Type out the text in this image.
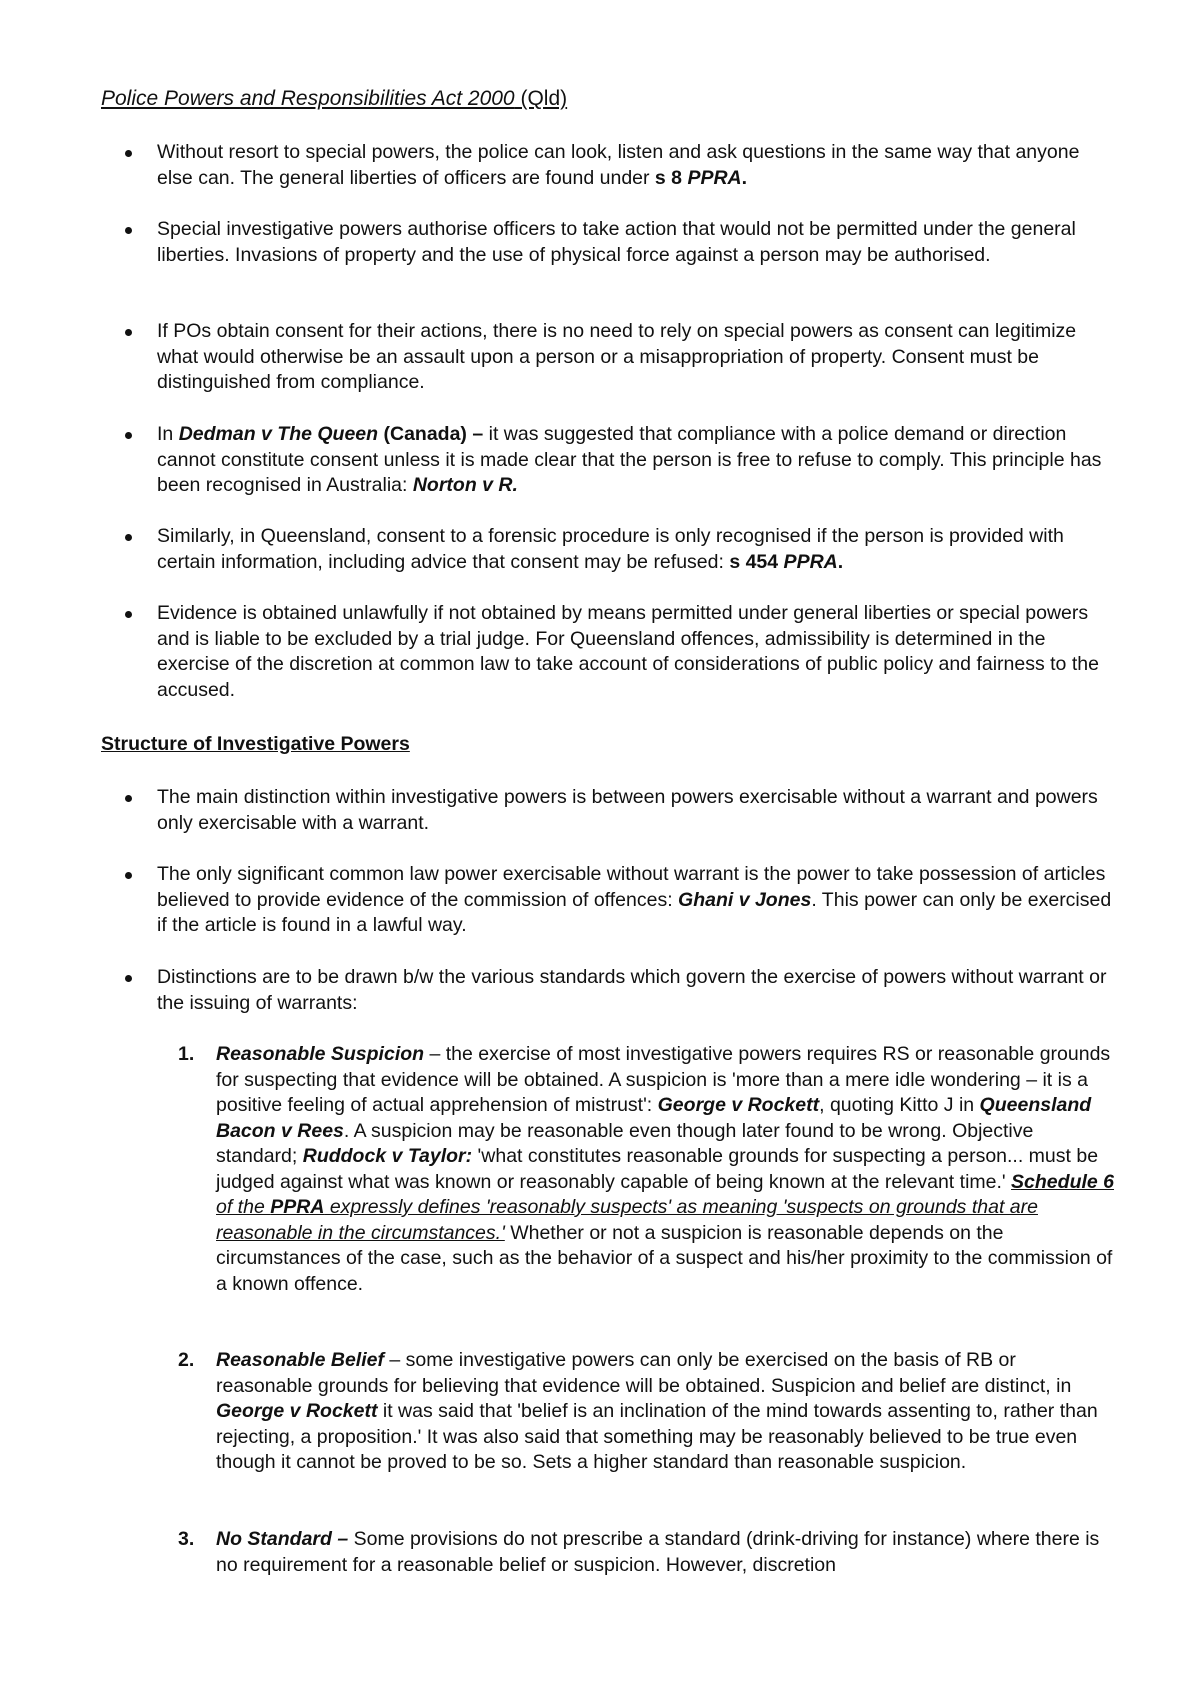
Police Powers and Responsibilities Act 2000 (Qld)
Without resort to special powers, the police can look, listen and ask questions in the same way that anyone else can. The general liberties of officers are found under s 8 PPRA.
Special investigative powers authorise officers to take action that would not be permitted under the general liberties. Invasions of property and the use of physical force against a person may be authorised.
If POs obtain consent for their actions, there is no need to rely on special powers as consent can legitimize what would otherwise be an assault upon a person or a misappropriation of property. Consent must be distinguished from compliance.
In Dedman v The Queen (Canada) – it was suggested that compliance with a police demand or direction cannot constitute consent unless it is made clear that the person is free to refuse to comply. This principle has been recognised in Australia: Norton v R.
Similarly, in Queensland, consent to a forensic procedure is only recognised if the person is provided with certain information, including advice that consent may be refused: s 454 PPRA.
Evidence is obtained unlawfully if not obtained by means permitted under general liberties or special powers and is liable to be excluded by a trial judge. For Queensland offences, admissibility is determined in the exercise of the discretion at common law to take account of considerations of public policy and fairness to the accused.
Structure of Investigative Powers
The main distinction within investigative powers is between powers exercisable without a warrant and powers only exercisable with a warrant.
The only significant common law power exercisable without warrant is the power to take possession of articles believed to provide evidence of the commission of offences: Ghani v Jones. This power can only be exercised if the article is found in a lawful way.
Distinctions are to be drawn b/w the various standards which govern the exercise of powers without warrant or the issuing of warrants:
1. Reasonable Suspicion – the exercise of most investigative powers requires RS or reasonable grounds for suspecting that evidence will be obtained. A suspicion is 'more than a mere idle wondering – it is a positive feeling of actual apprehension of mistrust': George v Rockett, quoting Kitto J in Queensland Bacon v Rees. A suspicion may be reasonable even though later found to be wrong. Objective standard; Ruddock v Taylor: 'what constitutes reasonable grounds for suspecting a person... must be judged against what was known or reasonably capable of being known at the relevant time.' Schedule 6 of the PPRA expressly defines 'reasonably suspects' as meaning 'suspects on grounds that are reasonable in the circumstances.' Whether or not a suspicion is reasonable depends on the circumstances of the case, such as the behavior of a suspect and his/her proximity to the commission of a known offence.
2. Reasonable Belief – some investigative powers can only be exercised on the basis of RB or reasonable grounds for believing that evidence will be obtained. Suspicion and belief are distinct, in George v Rockett it was said that 'belief is an inclination of the mind towards assenting to, rather than rejecting, a proposition.' It was also said that something may be reasonably believed to be true even though it cannot be proved to be so. Sets a higher standard than reasonable suspicion.
3. No Standard – Some provisions do not prescribe a standard (drink-driving for instance) where there is no requirement for a reasonable belief or suspicion. However, discretion
